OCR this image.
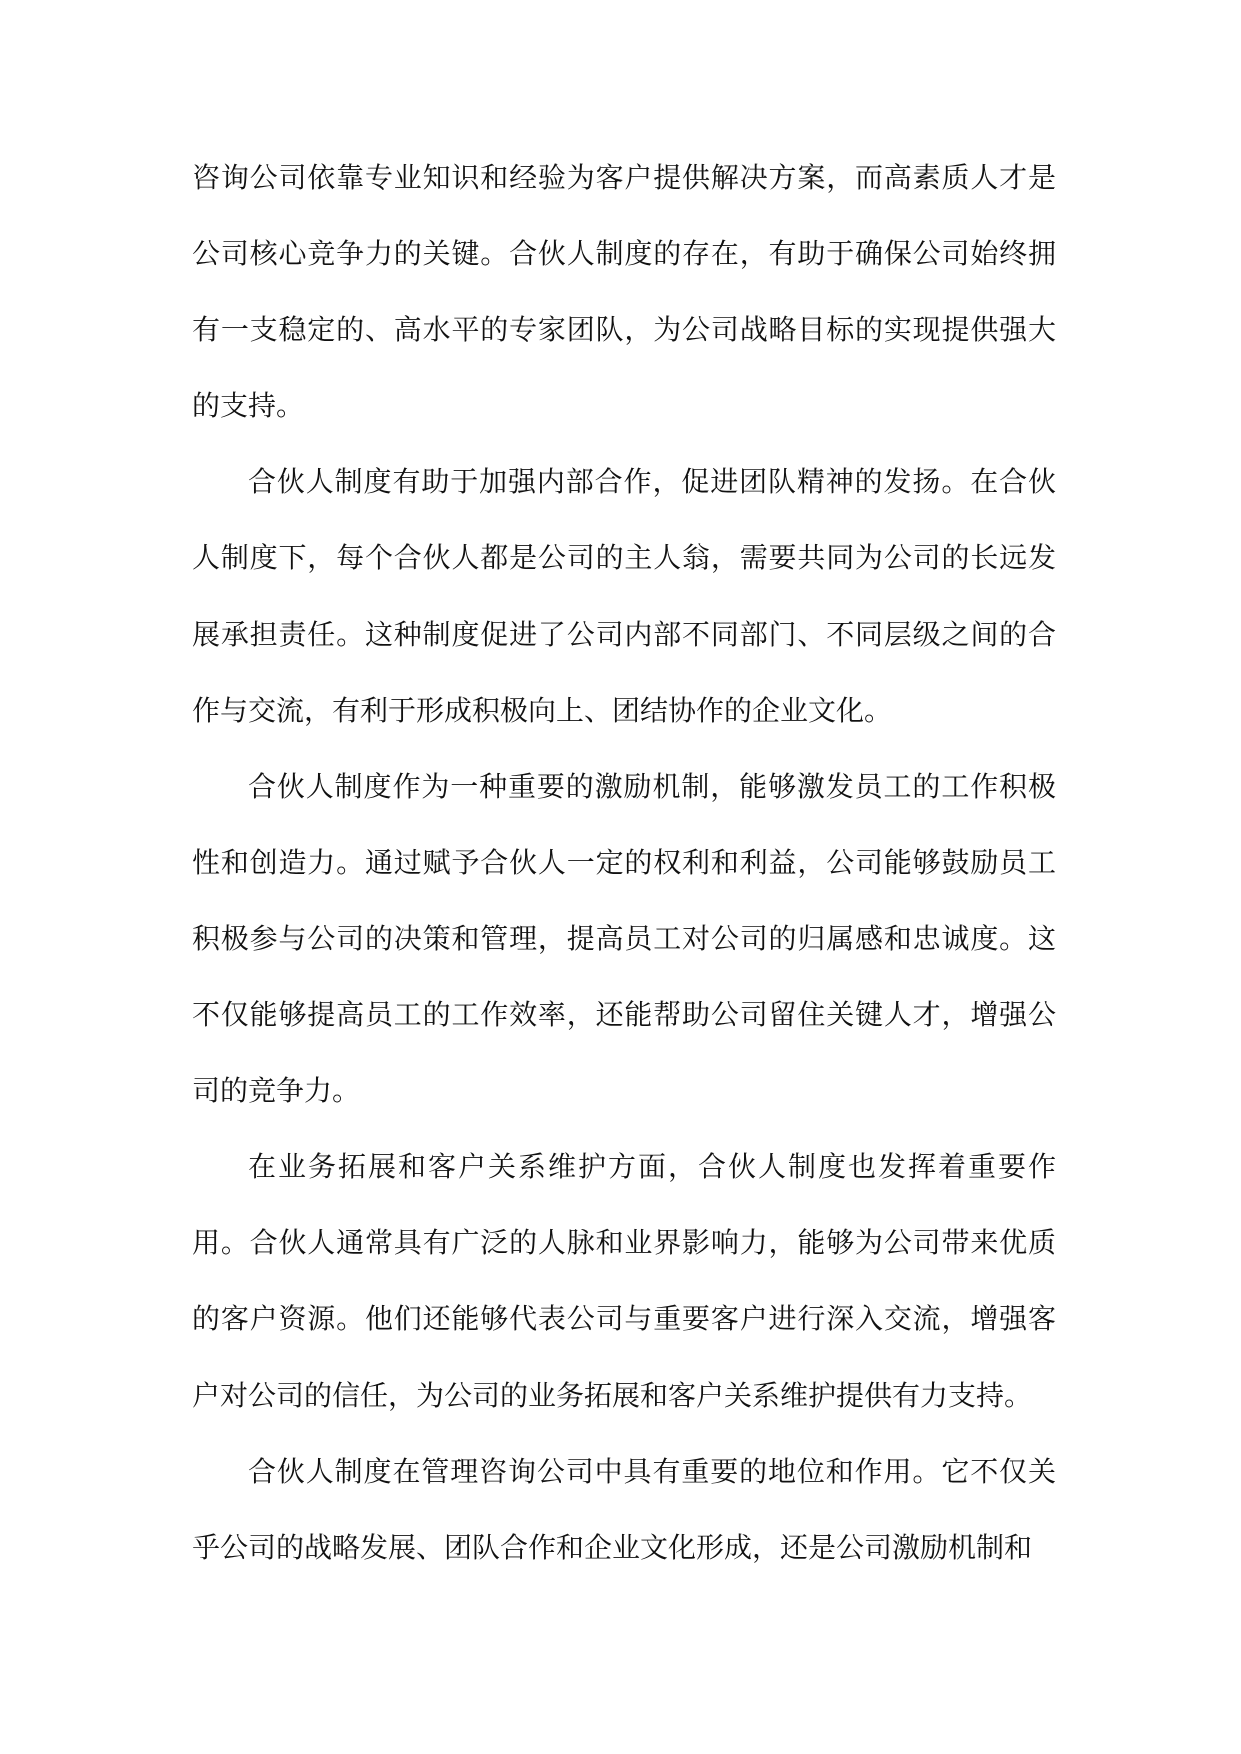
咨询公司依靠专业知识和经验为客户提供解决方案，而高素质人才是公司核心竞争力的关键。合伙人制度的存在，有助于确保公司始终拥有一支稳定的、高水平的专家团队，为公司战略目标的实现提供强大的支持。

合伙人制度有助于加强内部合作，促进团队精神的发扬。在合伙人制度下，每个合伙人都是公司的主人翁，需要共同为公司的长远发展承担责任。这种制度促进了公司内部不同部门、不同层级之间的合作与交流，有利于形成积极向上、团结协作的企业文化。

合伙人制度作为一种重要的激励机制，能够激发员工的工作积极性和创造力。通过赋予合伙人一定的权利和利益，公司能够鼓励员工积极参与公司的决策和管理，提高员工对公司的归属感和忠诚度。这不仅能够提高员工的工作效率，还能帮助公司留住关键人才，增强公司的竞争力。

在业务拓展和客户关系维护方面，合伙人制度也发挥着重要作用。合伙人通常具有广泛的人脉和业界影响力，能够为公司带来优质的客户资源。他们还能够代表公司与重要客户进行深入交流，增强客户对公司的信任，为公司的业务拓展和客户关系维护提供有力支持。

合伙人制度在管理咨询公司中具有重要的地位和作用。它不仅关乎公司的战略发展、团队合作和企业文化形成，还是公司激励机制和
